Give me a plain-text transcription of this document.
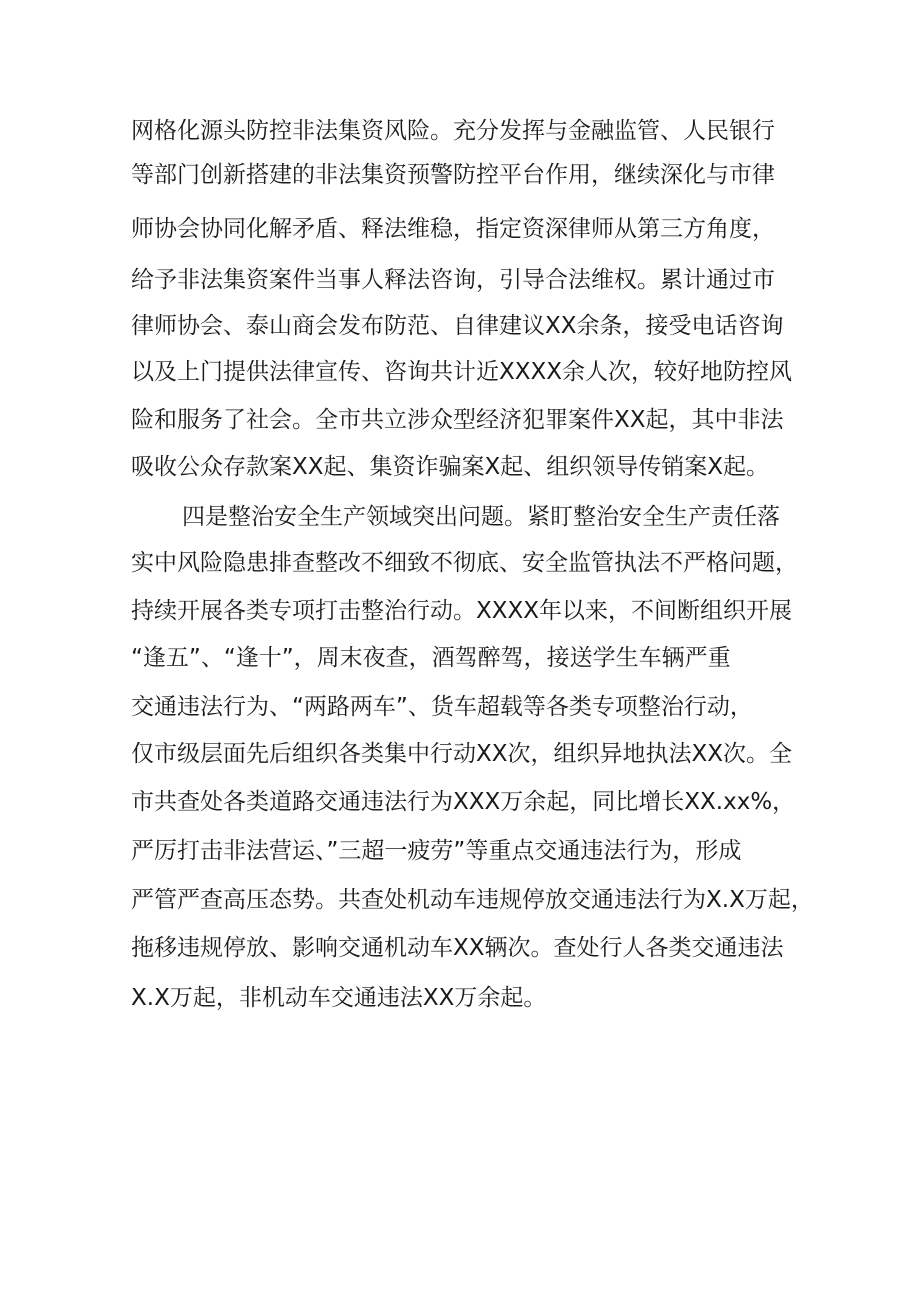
网格化源头防控非法集资风险。充分发挥与金融监管、人民银行
等部门创新搭建的非法集资预警防控平台作用，继续深化与市律
师协会协同化解矛盾、释法维稳，指定资深律师从第三方角度，
给予非法集资案件当事人释法咨询，引导合法维权。累计通过市
律师协会、泰山商会发布防范、自律建议XX余条，接受电话咨询
以及上门提供法律宣传、咨询共计近XXXX余人次，较好地防控风
险和服务了社会。全市共立涉众型经济犯罪案件XX起，其中非法
吸收公众存款案XX起、集资诈骗案X起、组织领导传销案X起。
四是整治安全生产领域突出问题。紧盯整治安全生产责任落
实中风险隐患排查整改不细致不彻底、安全监管执法不严格问题，
持续开展各类专项打击整治行动。XXXX年以来，不间断组织开展
“逢五”、“逢十”，周末夜查，酒驾醉驾，接送学生车辆严重
交通违法行为、“两路两车”、货车超载等各类专项整治行动，
仅市级层面先后组织各类集中行动XX次，组织异地执法XX次。全
市共查处各类道路交通违法行为XXX万余起，同比增长XX.xx%，
严厉打击非法营运、”三超一疲劳”等重点交通违法行为，形成
严管严查高压态势。共查处机动车违规停放交通违法行为X.X万起，
拖移违规停放、影响交通机动车XX辆次。查处行人各类交通违法
X.X万起，非机动车交通违法XX万余起。
